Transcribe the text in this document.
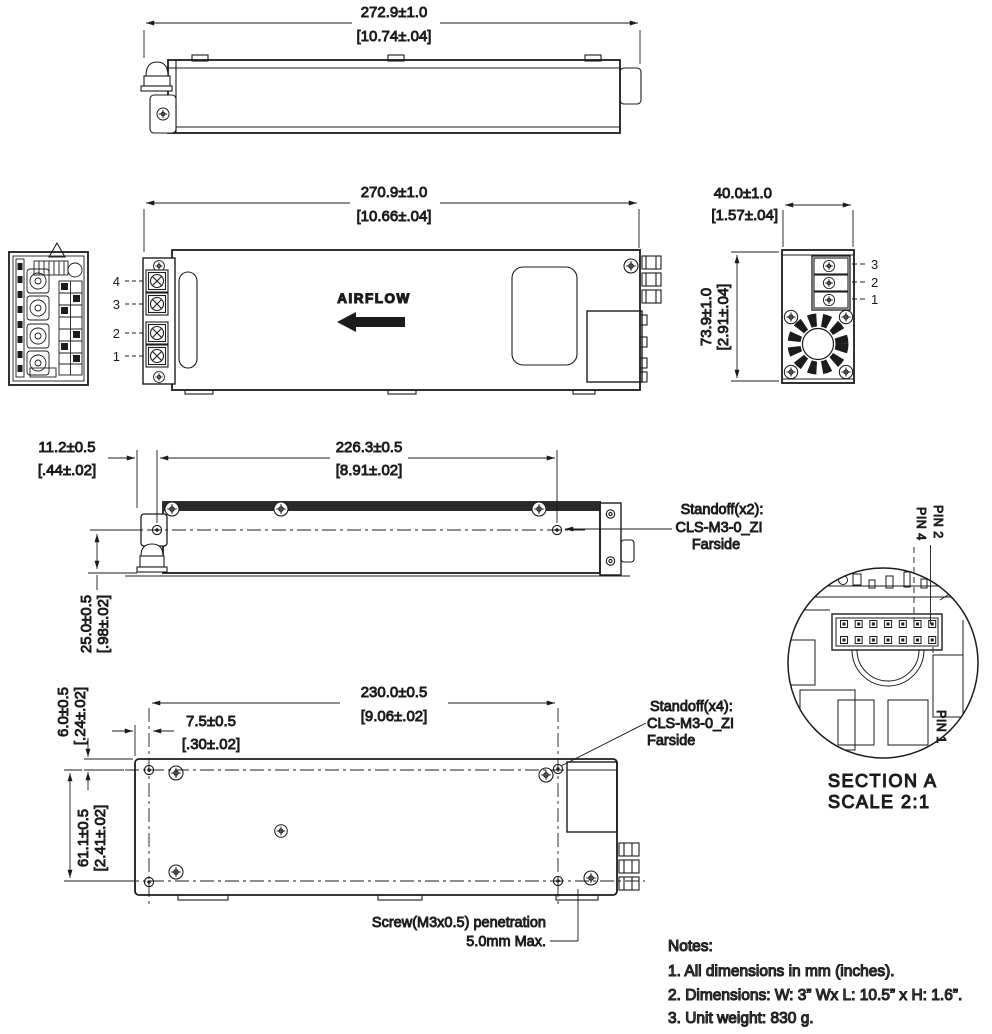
272.9±1.0
[10.74±.04]
4
3
2
1
AIRFLOW
270.9±1.0
[10.66±.04]
3
2
1
40.0±1.0
[1.57±.04]
73.9±1.0 [2.91±.04]
11.2±0.5
[.44±.02]
226.3±0.5
[8.91±.02]
25.0±0.5 [.98±.02]
Standoff(x2):
CLS-M3-0_ZI
Farside
230.0±0.5
[9.06±.02]
7.5±0.5
[.30±.02]
6.0±0.5 [.24±.02]
61.1±0.5 [2.41±.02]
Standoff(x4):
CLS-M3-0_ZI
Farside
Screw(M3x0.5) penetration
5.0mm Max.
PIN 2
PIN 4
PIN 1
SECTION A
SCALE 2:1
Notes:
1. All dimensions in mm (inches).
2. Dimensions: W: 3” Wx L: 10.5” x H: 1.6”.
3. Unit weight: 830 g.
